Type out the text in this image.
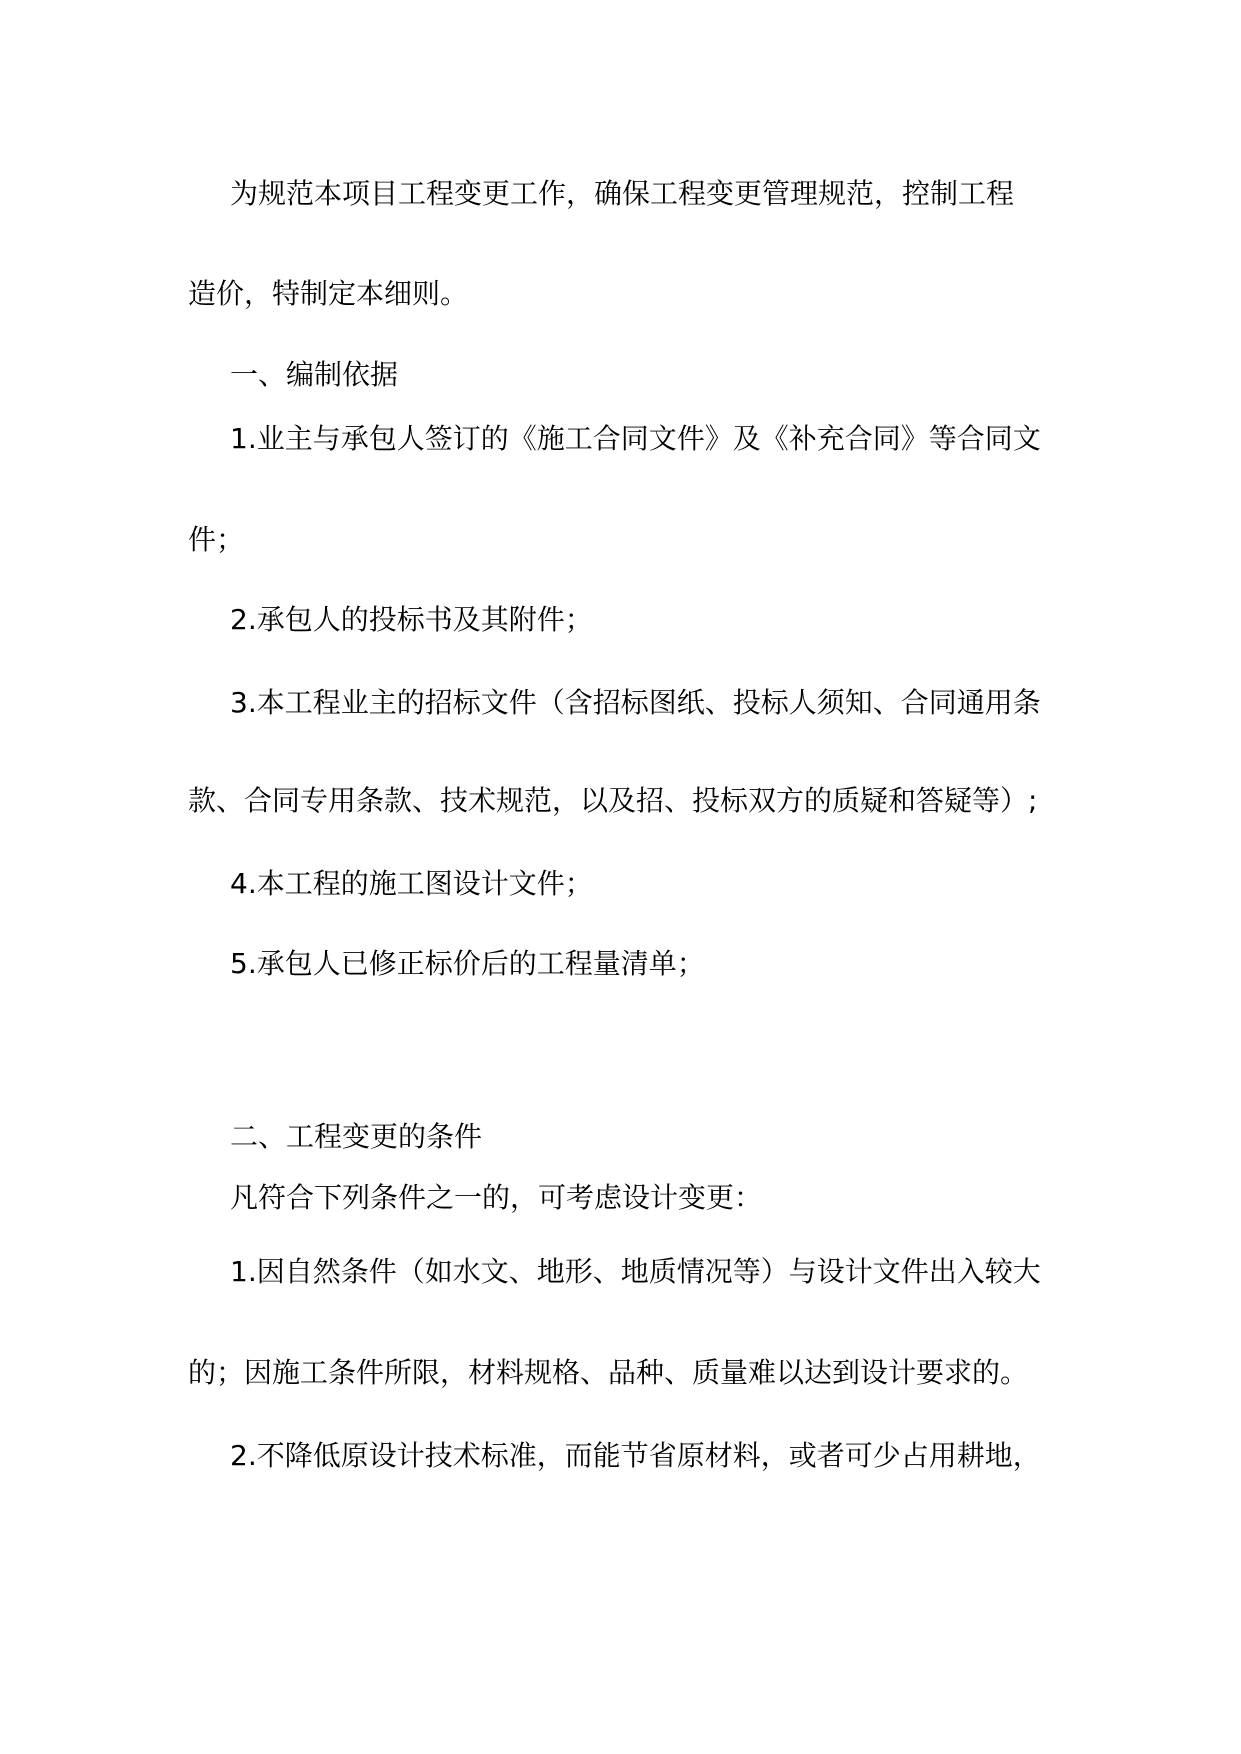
为规范本项目工程变更工作，确保工程变更管理规范，控制工程
造价，特制定本细则。
一、编制依据
1.业主与承包人签订的《施工合同文件》及《补充合同》等合同文
件；
2.承包人的投标书及其附件；
3.本工程业主的招标文件（含招标图纸、投标人须知、合同通用条
款、合同专用条款、技术规范，以及招、投标双方的质疑和答疑等）;
4.本工程的施工图设计文件；
5.承包人已修正标价后的工程量清单；
二、工程变更的条件
凡符合下列条件之一的，可考虑设计变更：
1.因自然条件（如水文、地形、地质情况等）与设计文件出入较大
的；因施工条件所限，材料规格、品种、质量难以达到设计要求的。
2.不降低原设计技术标准，而能节省原材料，或者可少占用耕地，
